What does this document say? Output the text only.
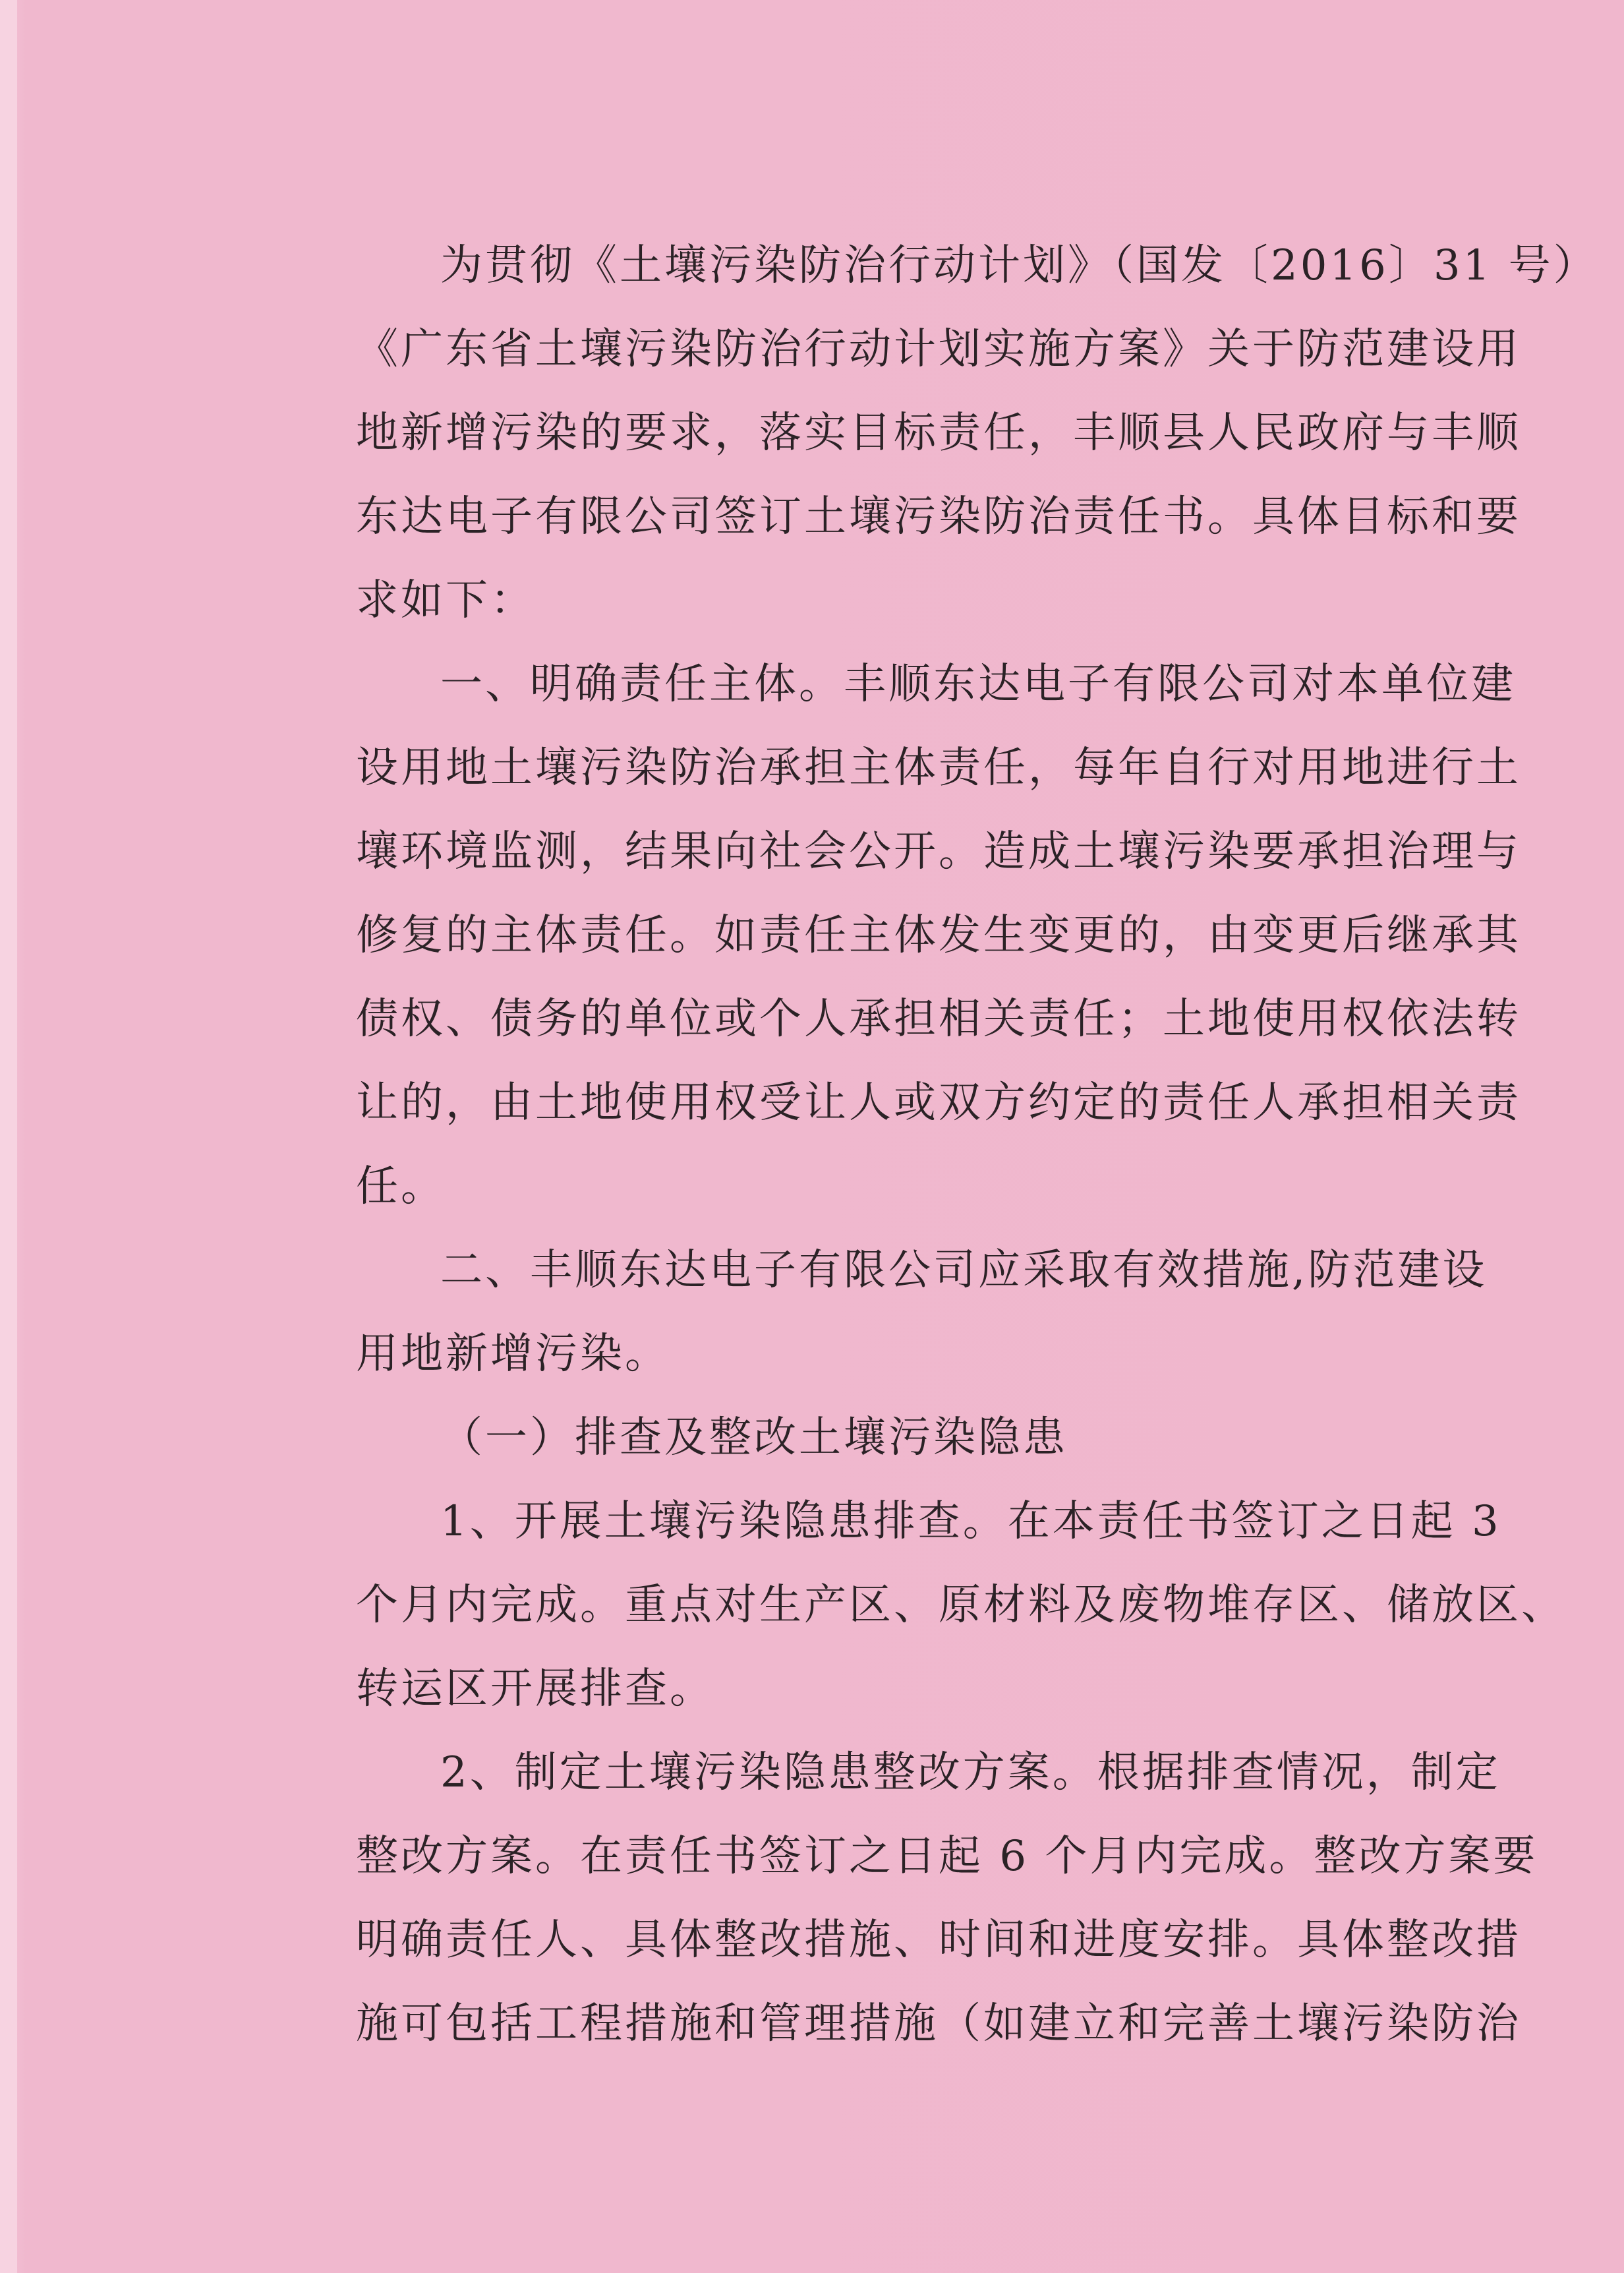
为贯彻《土壤污染防治行动计划》（国发〔2016〕31 号）
《广东省土壤污染防治行动计划实施方案》关于防范建设用
地新增污染的要求，落实目标责任，丰顺县人民政府与丰顺
东达电子有限公司签订土壤污染防治责任书。具体目标和要
求如下：
一、明确责任主体。丰顺东达电子有限公司对本单位建
设用地土壤污染防治承担主体责任，每年自行对用地进行土
壤环境监测，结果向社会公开。造成土壤污染要承担治理与
修复的主体责任。如责任主体发生变更的，由变更后继承其
债权、债务的单位或个人承担相关责任；土地使用权依法转
让的，由土地使用权受让人或双方约定的责任人承担相关责
任。
二、丰顺东达电子有限公司应采取有效措施,防范建设
用地新增污染。
（一）排查及整改土壤污染隐患
1、开展土壤污染隐患排查。在本责任书签订之日起 3
个月内完成。重点对生产区、原材料及废物堆存区、储放区、
转运区开展排查。
2、制定土壤污染隐患整改方案。根据排查情况，制定
整改方案。在责任书签订之日起 6 个月内完成。整改方案要
明确责任人、具体整改措施、时间和进度安排。具体整改措
施可包括工程措施和管理措施（如建立和完善土壤污染防治
